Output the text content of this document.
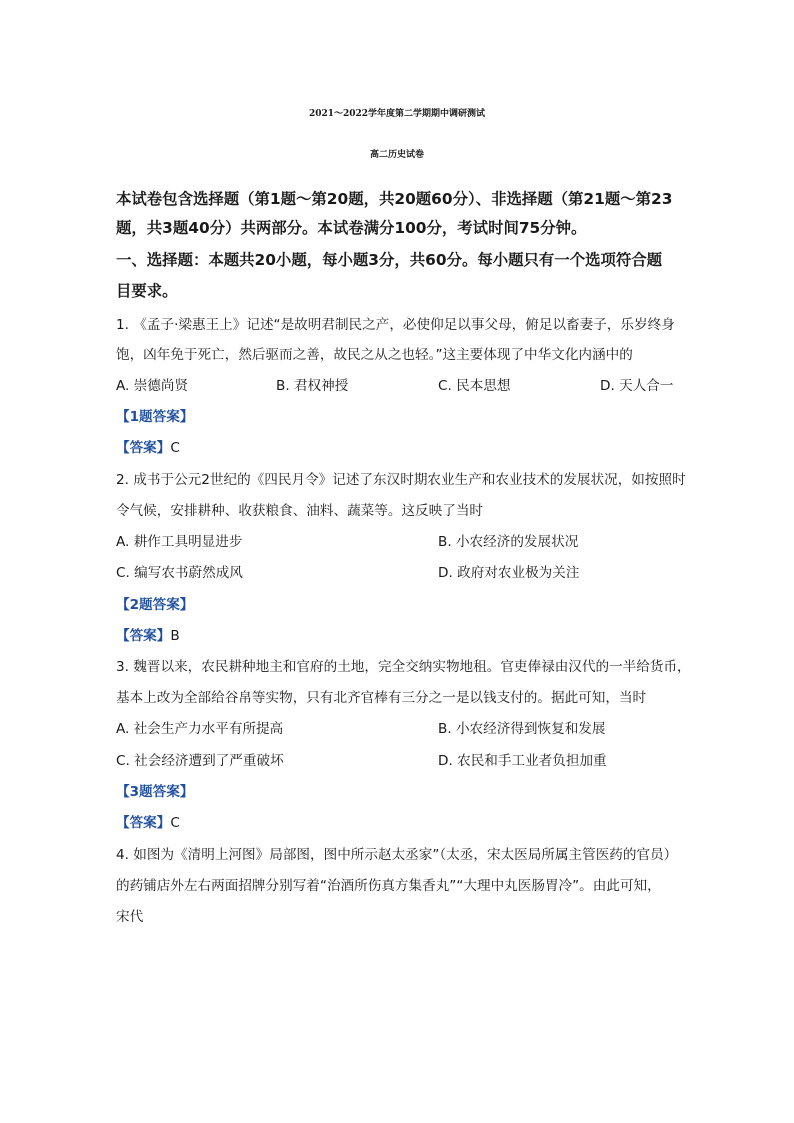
2021～2022学年度第二学期期中调研测试
高二历史试卷
本试卷包含选择题（第1题～第20题，共20题60分）、非选择题（第21题～第23
题，共3题40分）共两部分。本试卷满分100分，考试时间75分钟。
一、选择题：本题共20小题，每小题3分，共60分。每小题只有一个选项符合题
目要求。
1. 《孟子·梁惠王上》记述“是故明君制民之产，必使仰足以事父母，俯足以畜妻子，乐岁终身
饱，凶年免于死亡，然后驱而之善，故民之从之也轻。”这主要体现了中华文化内涵中的
A. 崇德尚贤	B. 君权神授	C. 民本思想	D. 天人合一
【1题答案】
【答案】C
2. 成书于公元2世纪的《四民月令》记述了东汉时期农业生产和农业技术的发展状况，如按照时
令气候，安排耕种、收获粮食、油料、蔬菜等。这反映了当时
A. 耕作工具明显进步	B. 小农经济的发展状况
C. 编写农书蔚然成风	D. 政府对农业极为关注
【2题答案】
【答案】B
3. 魏晋以来，农民耕种地主和官府的土地，完全交纳实物地租。官吏俸禄由汉代的一半给货币，
基本上改为全部给谷帛等实物，只有北齐官棒有三分之一是以钱支付的。据此可知，当时
A. 社会生产力水平有所提高	B. 小农经济得到恢复和发展
C. 社会经济遭到了严重破坏	D. 农民和手工业者负担加重
【3题答案】
【答案】C
4. 如图为《清明上河图》局部图，图中所示赵太丞家”（太丞，宋太医局所属主管医药的官员）
的药铺店外左右两面招牌分别写着“治酒所伤真方集香丸”“大理中丸医肠胃冷”。由此可知，
宋代
